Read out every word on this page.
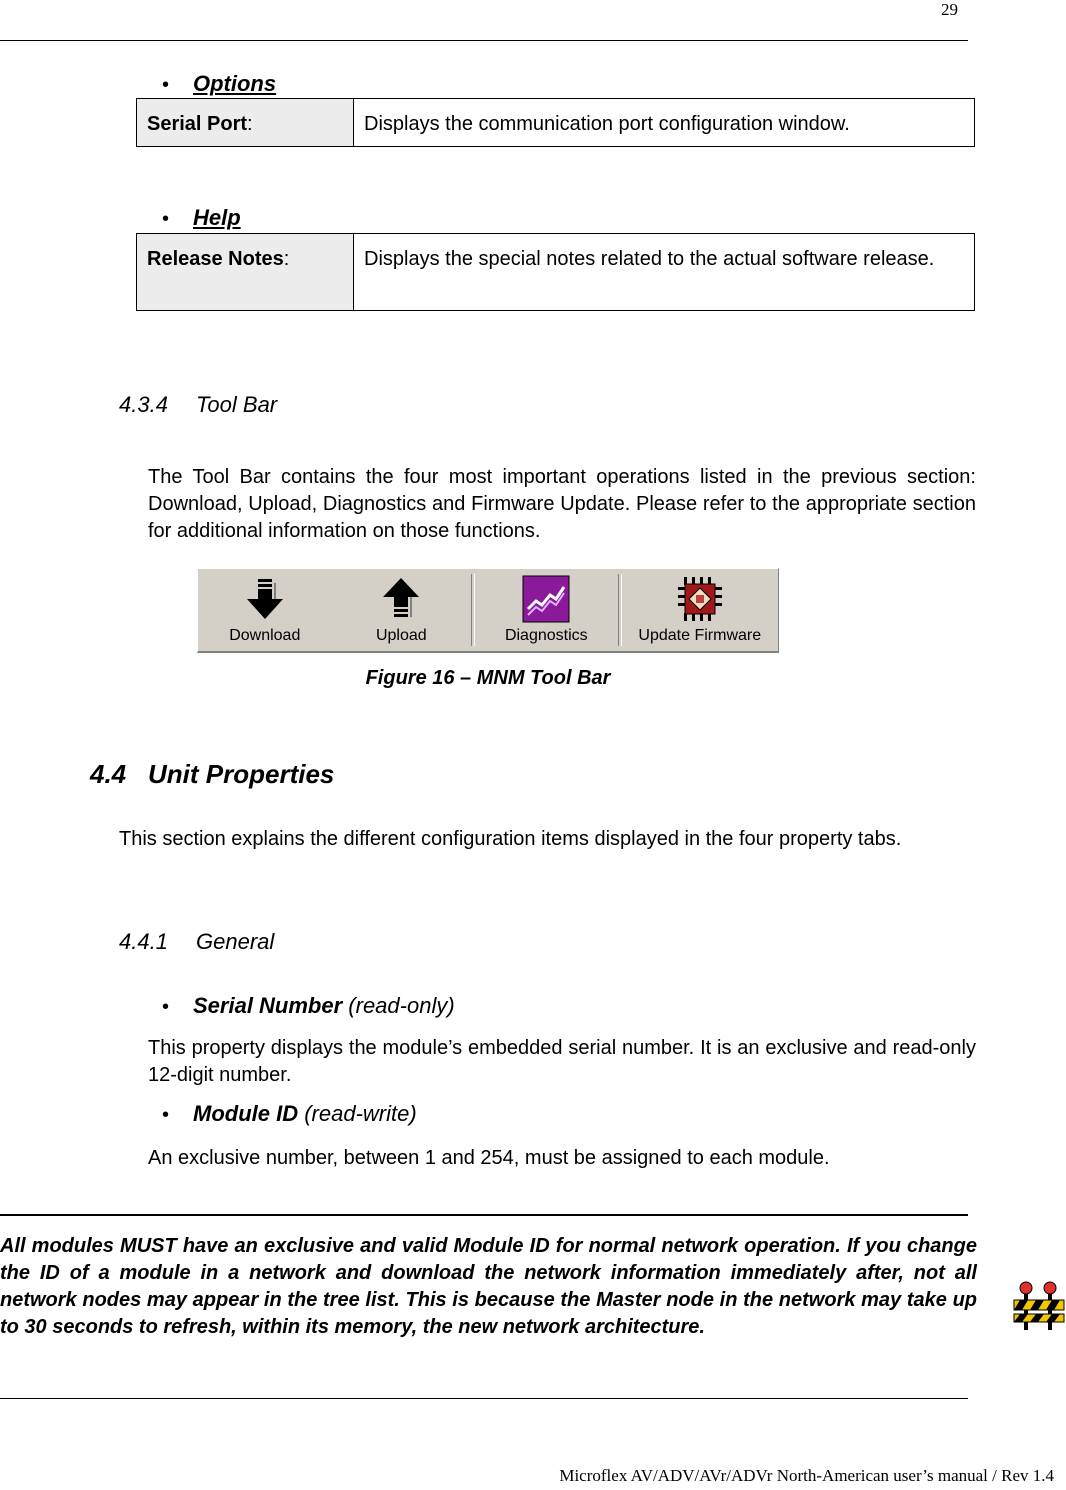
29
• Options
Serial Port:	Displays the communication port configuration window.
• Help
Release Notes:	Displays the special notes related to the actual software release.
4.3.4 Tool Bar
The Tool Bar contains the four most important operations listed in the previous section: Download, Upload, Diagnostics and Firmware Update. Please refer to the appropriate section for additional information on those functions.
Download	Upload	Diagnostics	Update Firmware
Figure 16 – MNM Tool Bar
4.4 Unit Properties
This section explains the different configuration items displayed in the four property tabs.
4.4.1 General
• Serial Number (read-only)
This property displays the module’s embedded serial number. It is an exclusive and read-only 12-digit number.
• Module ID (read-write)
An exclusive number, between 1 and 254, must be assigned to each module.
All modules MUST have an exclusive and valid Module ID for normal network operation. If you change the ID of a module in a network and download the network information immediately after, not all network nodes may appear in the tree list. This is because the Master node in the network may take up to 30 seconds to refresh, within its memory, the new network architecture.
Microflex AV/ADV/AVr/ADVr North-American user’s manual / Rev 1.4
